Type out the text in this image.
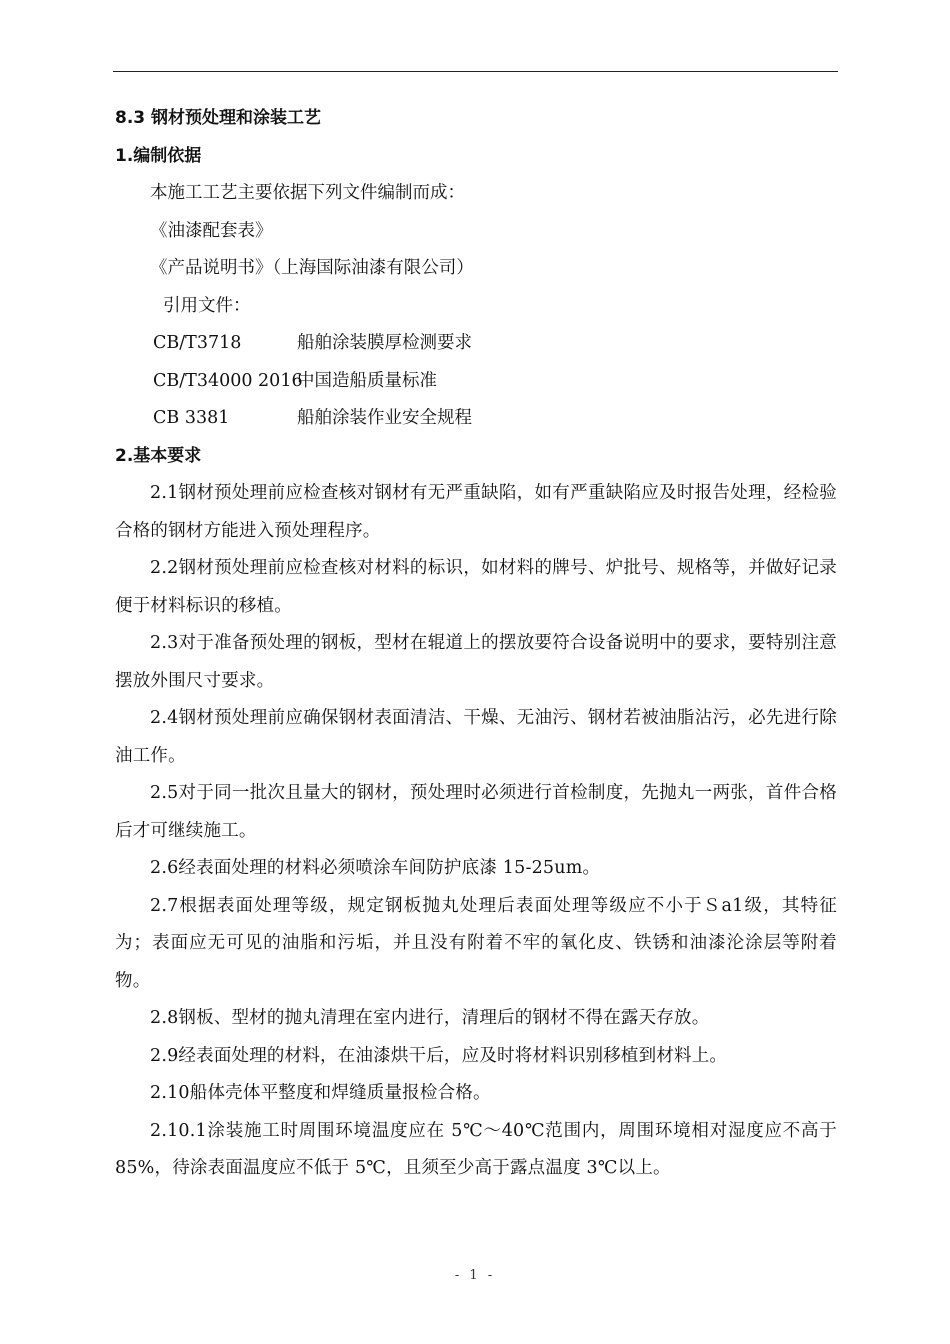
8.3 钢材预处理和涂装工艺

1.编制依据

本施工工艺主要依据下列文件编制而成：

《油漆配套表》

《产品说明书》（上海国际油漆有限公司）

引用文件：

CB/T3718	船舶涂装膜厚检测要求
CB/T34000 2016
中国造船质量标准
CB 3381	船舶涂装作业安全规程

2.基本要求

2.1钢材预处理前应检查核对钢材有无严重缺陷，如有严重缺陷应及时报告处理，经检验合格的钢材方能进入预处理程序。

2.2钢材预处理前应检查核对材料的标识，如材料的牌号、炉批号、规格等，并做好记录便于材料标识的移植。

2.3对于准备预处理的钢板，型材在辊道上的摆放要符合设备说明中的要求，要特别注意摆放外围尺寸要求。

2.4钢材预处理前应确保钢材表面清洁、干燥、无油污、钢材若被油脂沾污，必先进行除油工作。

2.5对于同一批次且量大的钢材，预处理时必须进行首检制度，先抛丸一两张，首件合格后才可继续施工。

2.6经表面处理的材料必须喷涂车间防护底漆 15-25um。

2.7根据表面处理等级，规定钢板抛丸处理后表面处理等级应不小于Ｓa1级，其特征为；表面应无可见的油脂和污垢，并且没有附着不牢的氧化皮、铁锈和油漆沦涂层等附着物。

2.8钢板、型材的抛丸清理在室内进行，清理后的钢材不得在露天存放。

2.9经表面处理的材料，在油漆烘干后，应及时将材料识别移植到材料上。

2.10船体壳体平整度和焊缝质量报检合格。

2.10.1涂装施工时周围环境温度应在 5℃～40℃范围内，周围环境相对湿度应不高于 85%，待涂表面温度应不低于 5℃，且须至少高于露点温度 3℃以上。

- 1 -
